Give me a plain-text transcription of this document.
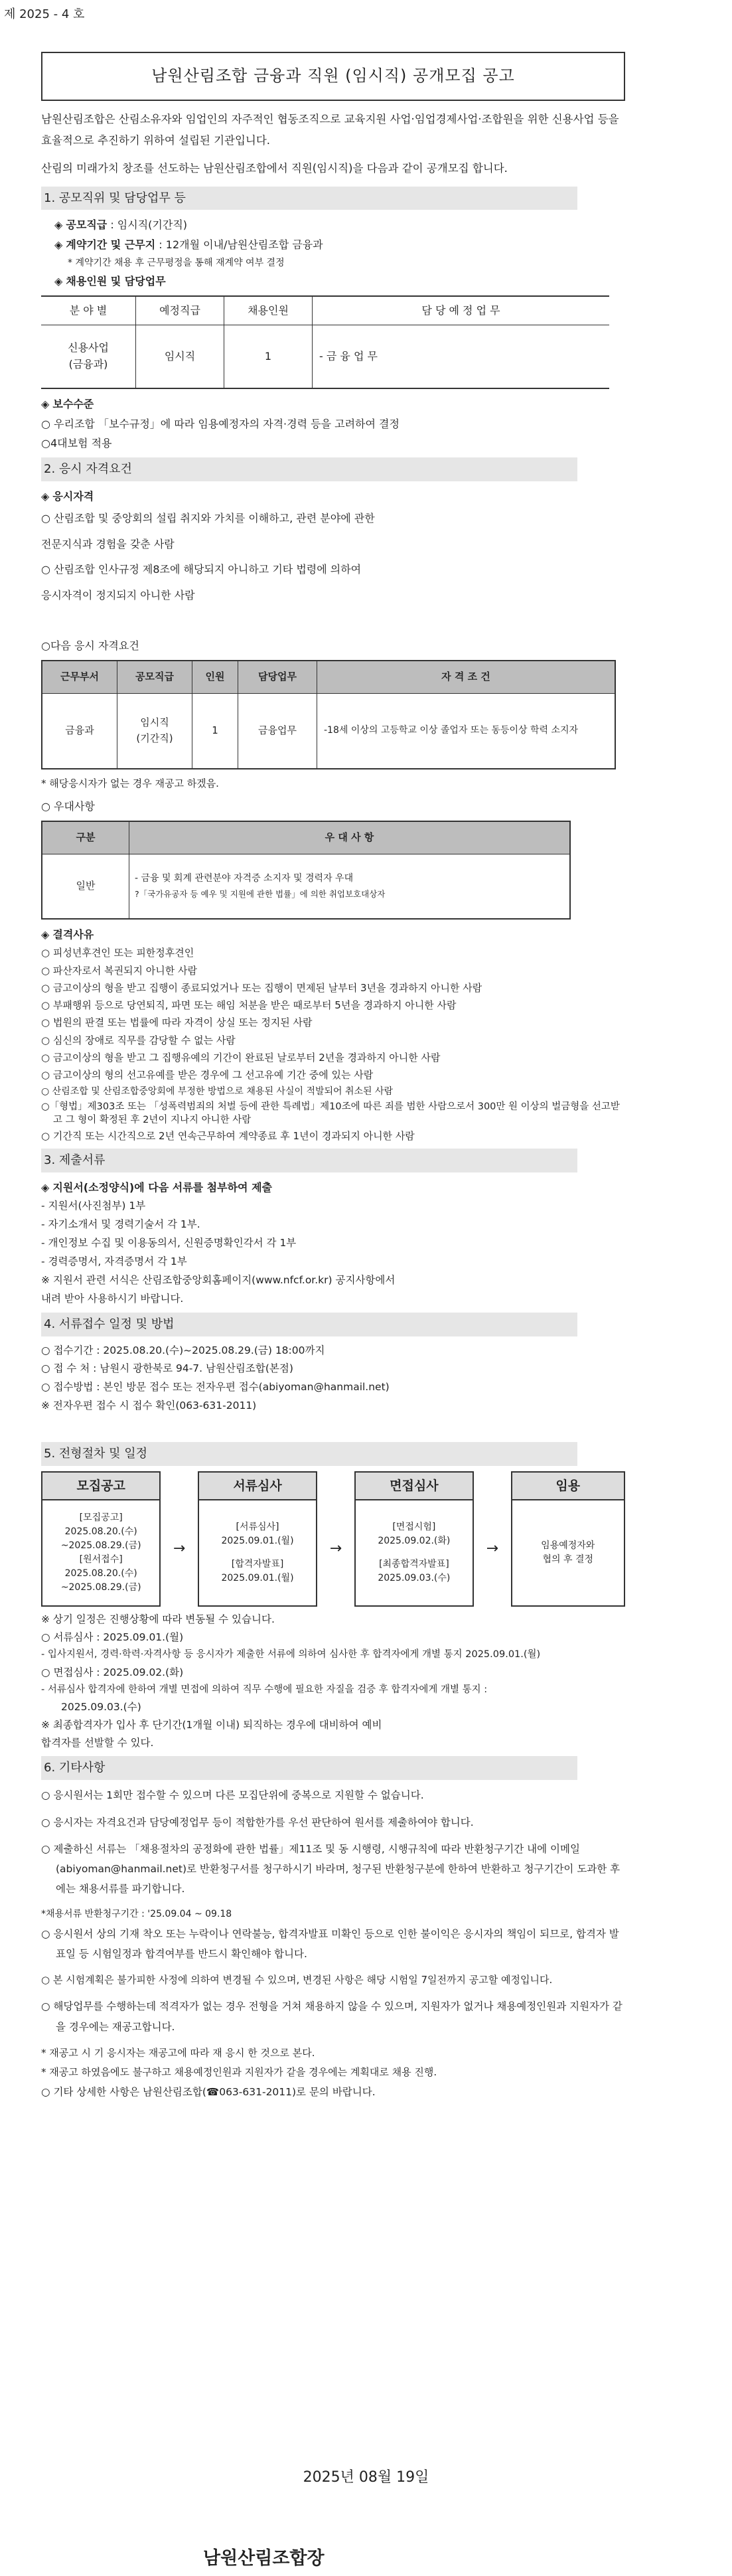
제 2025 - 4 호
남원산림조합 금융과 직원 (임시직) 공개모집 공고

남원산림조합은 산림소유자와 임업인의 자주적인 협동조직으로 교육지원 사업·임업경제사업·조합원을 위한 신용사업 등을 효율적으로 추진하기 위하여 설립된 기관입니다.

산림의 미래가치 창조를 선도하는 남원산림조합에서 직원(임시직)을 다음과 같이 공개모집 합니다.

1. 공모직위 및 담당업무 등
◈ 공모직급 : 임시직(기간직)
◈ 계약기간 및 근무지 : 12개월 이내/남원산림조합 금융과
* 계약기간 채용 후 근무평정을 통해 재계약 여부 결정
◈ 채용인원 및 담당업무
분 야 별	예정직급	채용인원	담 당 예 정 업 무
신용사업
(금융과)	임시직	1	- 금 융 업 무
◈ 보수수준
○ 우리조합 「보수규정」에 따라 임용예정자의 자격·경력 등을 고려하여 결정
○4대보험 적용
2. 응시 자격요건
◈ 응시자격
○ 산림조합 및 중앙회의 설립 취지와 가치를 이해하고, 관련 분야에 관한
전문지식과 경험을 갖춘 사람
○ 산림조합 인사규정 제8조에 해당되지 아니하고 기타 법령에 의하여
응시자격이 정지되지 아니한 사람
○다음 응시 자격요건
근무부서	공모직급	인원	담당업무	자 격 조 건
금융과	임시직
(기간직)	1	금융업무	-18세 이상의 고등학교 이상 졸업자 또는 동등이상 학력 소지자
* 해당응시자가 없는 경우 재공고 하겠음.
○ 우대사항
구분	우 대 사 항
일반	- 금융 및 회계 관련분야 자격증 소지자 및 경력자 우대
?「국가유공자 등 예우 및 지원에 관한 법률」에 의한 취업보호대상자
◈ 결격사유
○ 피성년후견인 또는 피한정후견인
○ 파산자로서 복권되지 아니한 사람
○ 금고이상의 형을 받고 집행이 종료되었거나 또는 집행이 면제된 날부터 3년을 경과하지 아니한 사람
○ 부패행위 등으로 당연퇴직, 파면 또는 해임 처분을 받은 때로부터 5년을 경과하지 아니한 사람
○ 법원의 판결 또는 법률에 따라 자격이 상실 또는 정지된 사람
○ 심신의 장애로 직무를 감당할 수 없는 사람
○ 금고이상의 형을 받고 그 집행유예의 기간이 완료된 날로부터 2년을 경과하지 아니한 사람
○ 금고이상의 형의 선고유예를 받은 경우에 그 선고유예 기간 중에 있는 사람
○ 산림조합 및 산림조합중앙회에 부정한 방법으로 채용된 사실이 적발되어 취소된 사람
○「형법」제303조 또는 「성폭력범죄의 처벌 등에 관한 특례법」제10조에 따른 죄를 범한 사람으로서 300만 원 이상의 벌금형을 선고받고 그 형이 확정된 후 2년이 지나지 아니한 사람
○ 기간직 또는 시간직으로 2년 연속근무하여 계약종료 후 1년이 경과되지 아니한 사람
3. 제출서류
◈ 지원서(소정양식)에 다음 서류를 첨부하여 제출
- 지원서(사진첨부) 1부
- 자기소개서 및 경력기술서 각 1부.
- 개인정보 수집 및 이용동의서, 신원증명확인각서 각 1부
- 경력증명서, 자격증명서 각 1부
※ 지원서 관련 서식은 산림조합중앙회홈페이지(www.nfcf.or.kr) 공지사항에서
내려 받아 사용하시기 바랍니다.
4. 서류접수 일정 및 방법
○ 접수기간 : 2025.08.20.(수)~2025.08.29.(금) 18:00까지
○ 접 수 처 : 남원시 광한북로 94-7. 남원산림조합(본점)
○ 접수방법 : 본인 방문 접수 또는 전자우편 접수(abiyoman@hanmail.net)
※ 전자우편 접수 시 접수 확인(063-631-2011)
5. 전형절차 및 일정
모집공고
[모집공고]
2025.08.20.(수)
~2025.08.29.(금)
[원서접수]
2025.08.20.(수)
~2025.08.29.(금)
→
서류심사
[서류심사]
2025.09.01.(월)
[합격자발표]
2025.09.01.(월)
→
면접심사
[면접시험]
2025.09.02.(화)
[최종합격자발표]
2025.09.03.(수)
→
임용
임용예정자와
협의 후 결정
※ 상기 일정은 진행상황에 따라 변동될 수 있습니다.
○ 서류심사 : 2025.09.01.(월)
- 입사지원서, 경력·학력·자격사항 등 응시자가 제출한 서류에 의하여 심사한 후 합격자에게 개별 통지 2025.09.01.(월)
○ 면접심사 : 2025.09.02.(화)
- 서류심사 합격자에 한하여 개별 면접에 의하여 직무 수행에 필요한 자질을 검증 후 합격자에게 개별 통지 :
2025.09.03.(수)
※ 최종합격자가 입사 후 단기간(1개월 이내) 퇴직하는 경우에 대비하여 예비
합격자를 선발할 수 있다.
6. 기타사항
○ 응시원서는 1회만 접수할 수 있으며 다른 모집단위에 중복으로 지원할 수 없습니다.
○ 응시자는 자격요건과 담당예정업무 등이 적합한가를 우선 판단하여 원서를 제출하여야 합니다.
○ 제출하신 서류는 「채용절차의 공정화에 관한 법률」제11조 및 동 시행령, 시행규칙에 따라 반환청구기간 내에 이메일(abiyoman@hanmail.net)로 반환청구서를 청구하시기 바라며, 청구된 반환청구분에 한하여 반환하고 청구기간이 도과한 후에는 채용서류를 파기합니다.
*채용서류 반환청구기간 : '25.09.04 ~ 09.18
○ 응시원서 상의 기재 착오 또는 누락이나 연락불능, 합격자발표 미확인 등으로 인한 불이익은 응시자의 책임이 되므로, 합격자 발표일 등 시험일정과 합격여부를 반드시 확인해야 합니다.
○ 본 시험계획은 불가피한 사정에 의하여 변경될 수 있으며, 변경된 사항은 해당 시험일 7일전까지 공고할 예정입니다.
○ 해당업무를 수행하는데 적격자가 없는 경우 전형을 거쳐 채용하지 않을 수 있으며, 지원자가 없거나 채용예정인원과 지원자가 같을 경우에는 재공고합니다.
* 재공고 시 기 응시자는 재공고에 따라 재 응시 한 것으로 본다.
* 재공고 하였음에도 불구하고 채용예정인원과 지원자가 같을 경우에는 계획대로 채용 진행.
○ 기타 상세한 사항은 남원산림조합(☎063-631-2011)로 문의 바랍니다.
2025년 08월 19일
남원산림조합장
